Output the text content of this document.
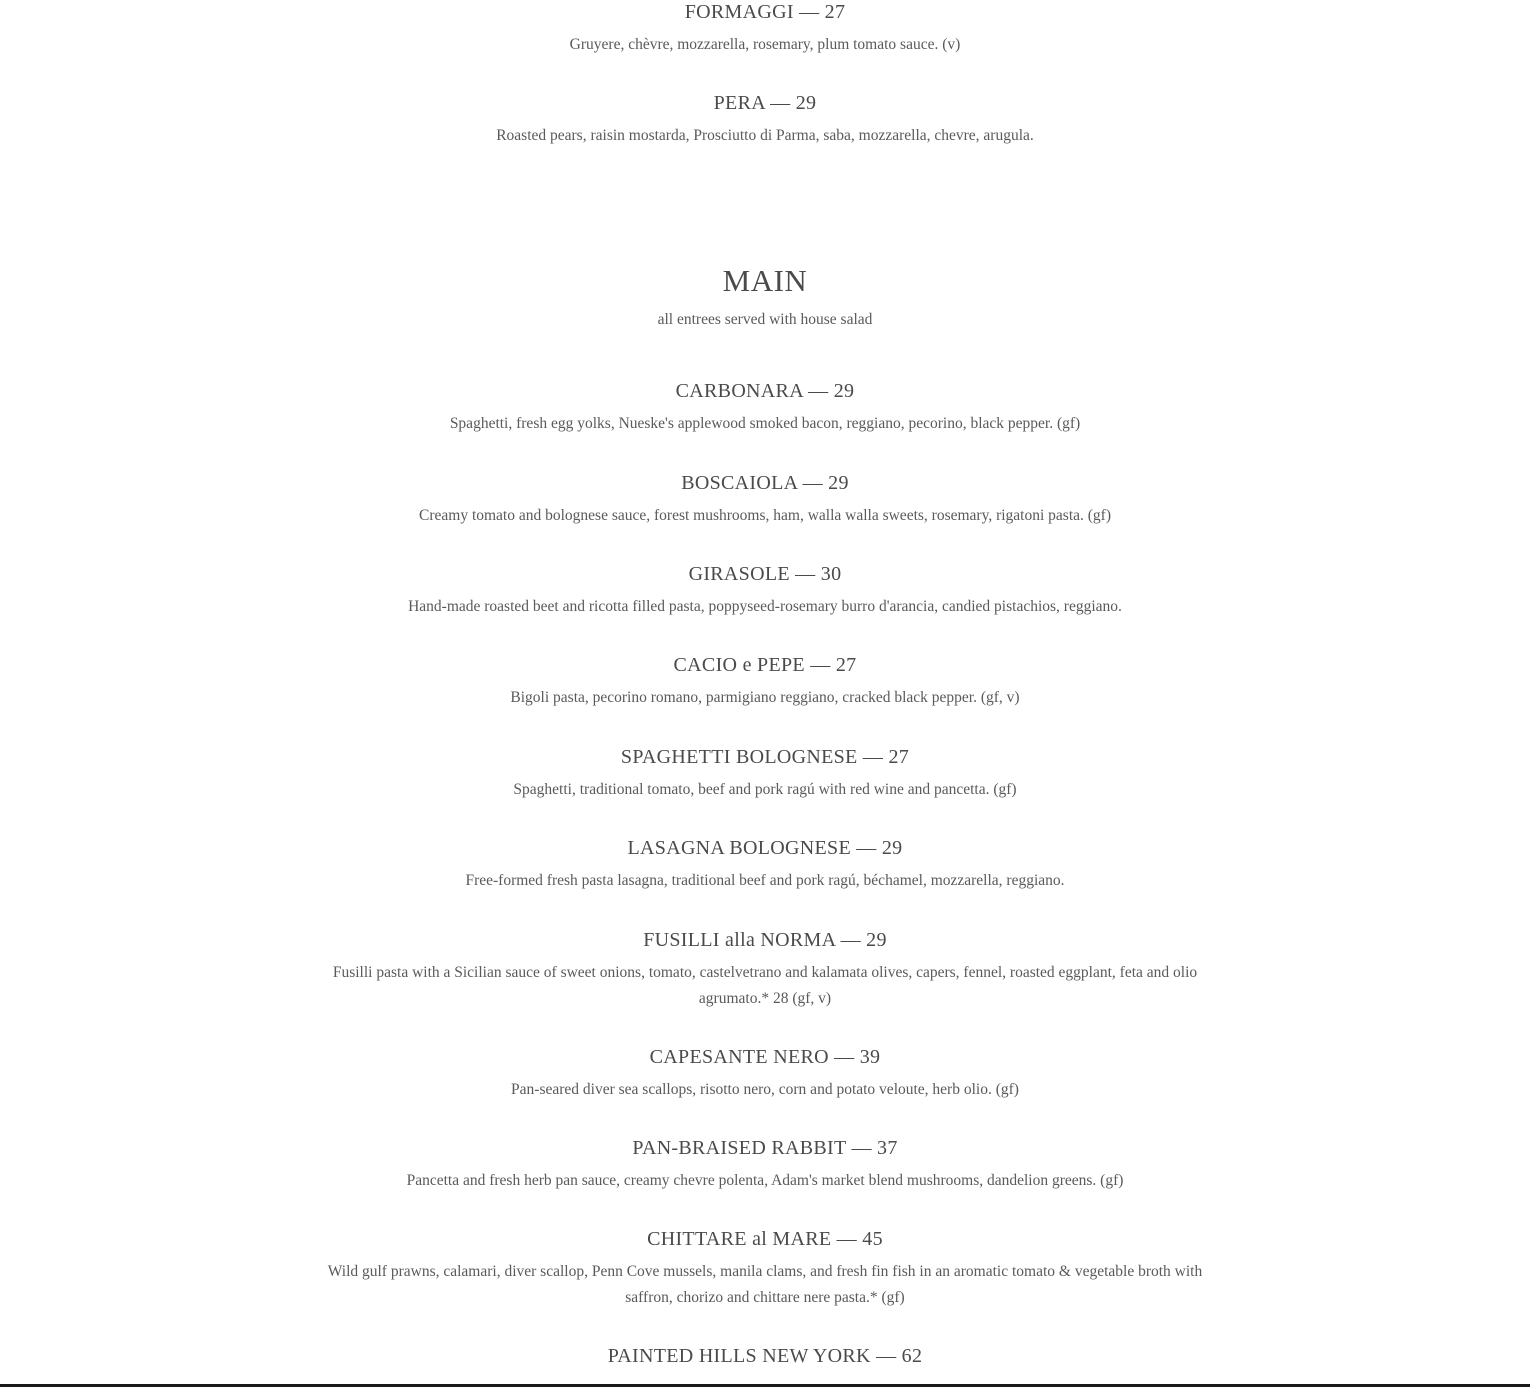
FORMAGGI — 27

Gruyere, chèvre, mozzarella, rosemary, plum tomato sauce. (v)

PERA — 29

Roasted pears, raisin mostarda, Prosciutto di Parma, saba, mozzarella, chevre, arugula.

MAIN

all entrees served with house salad

CARBONARA — 29

Spaghetti, fresh egg yolks, Nueske's applewood smoked bacon, reggiano, pecorino, black pepper. (gf)

BOSCAIOLA — 29

Creamy tomato and bolognese sauce, forest mushrooms, ham, walla walla sweets, rosemary, rigatoni pasta. (gf)

GIRASOLE — 30

Hand-made roasted beet and ricotta filled pasta, poppyseed-rosemary burro d'arancia, candied pistachios, reggiano.

CACIO e PEPE — 27

Bigoli pasta, pecorino romano, parmigiano reggiano, cracked black pepper. (gf, v)

SPAGHETTI BOLOGNESE — 27

Spaghetti, traditional tomato, beef and pork ragú with red wine and pancetta. (gf)

LASAGNA BOLOGNESE — 29

Free-formed fresh pasta lasagna, traditional beef and pork ragú, béchamel, mozzarella, reggiano.

FUSILLI alla NORMA — 29

Fusilli pasta with a Sicilian sauce of sweet onions, tomato, castelvetrano and kalamata olives, capers, fennel, roasted eggplant, feta and olio agrumato.* 28 (gf, v)

CAPESANTE NERO — 39

Pan-seared diver sea scallops, risotto nero, corn and potato veloute, herb olio. (gf)

PAN-BRAISED RABBIT — 37

Pancetta and fresh herb pan sauce, creamy chevre polenta, Adam's market blend mushrooms, dandelion greens. (gf)

CHITTARE al MARE — 45

Wild gulf prawns, calamari, diver scallop, Penn Cove mussels, manila clams, and fresh fin fish in an aromatic tomato & vegetable broth with saffron, chorizo and chittare nere pasta.* (gf)

PAINTED HILLS NEW YORK — 62
